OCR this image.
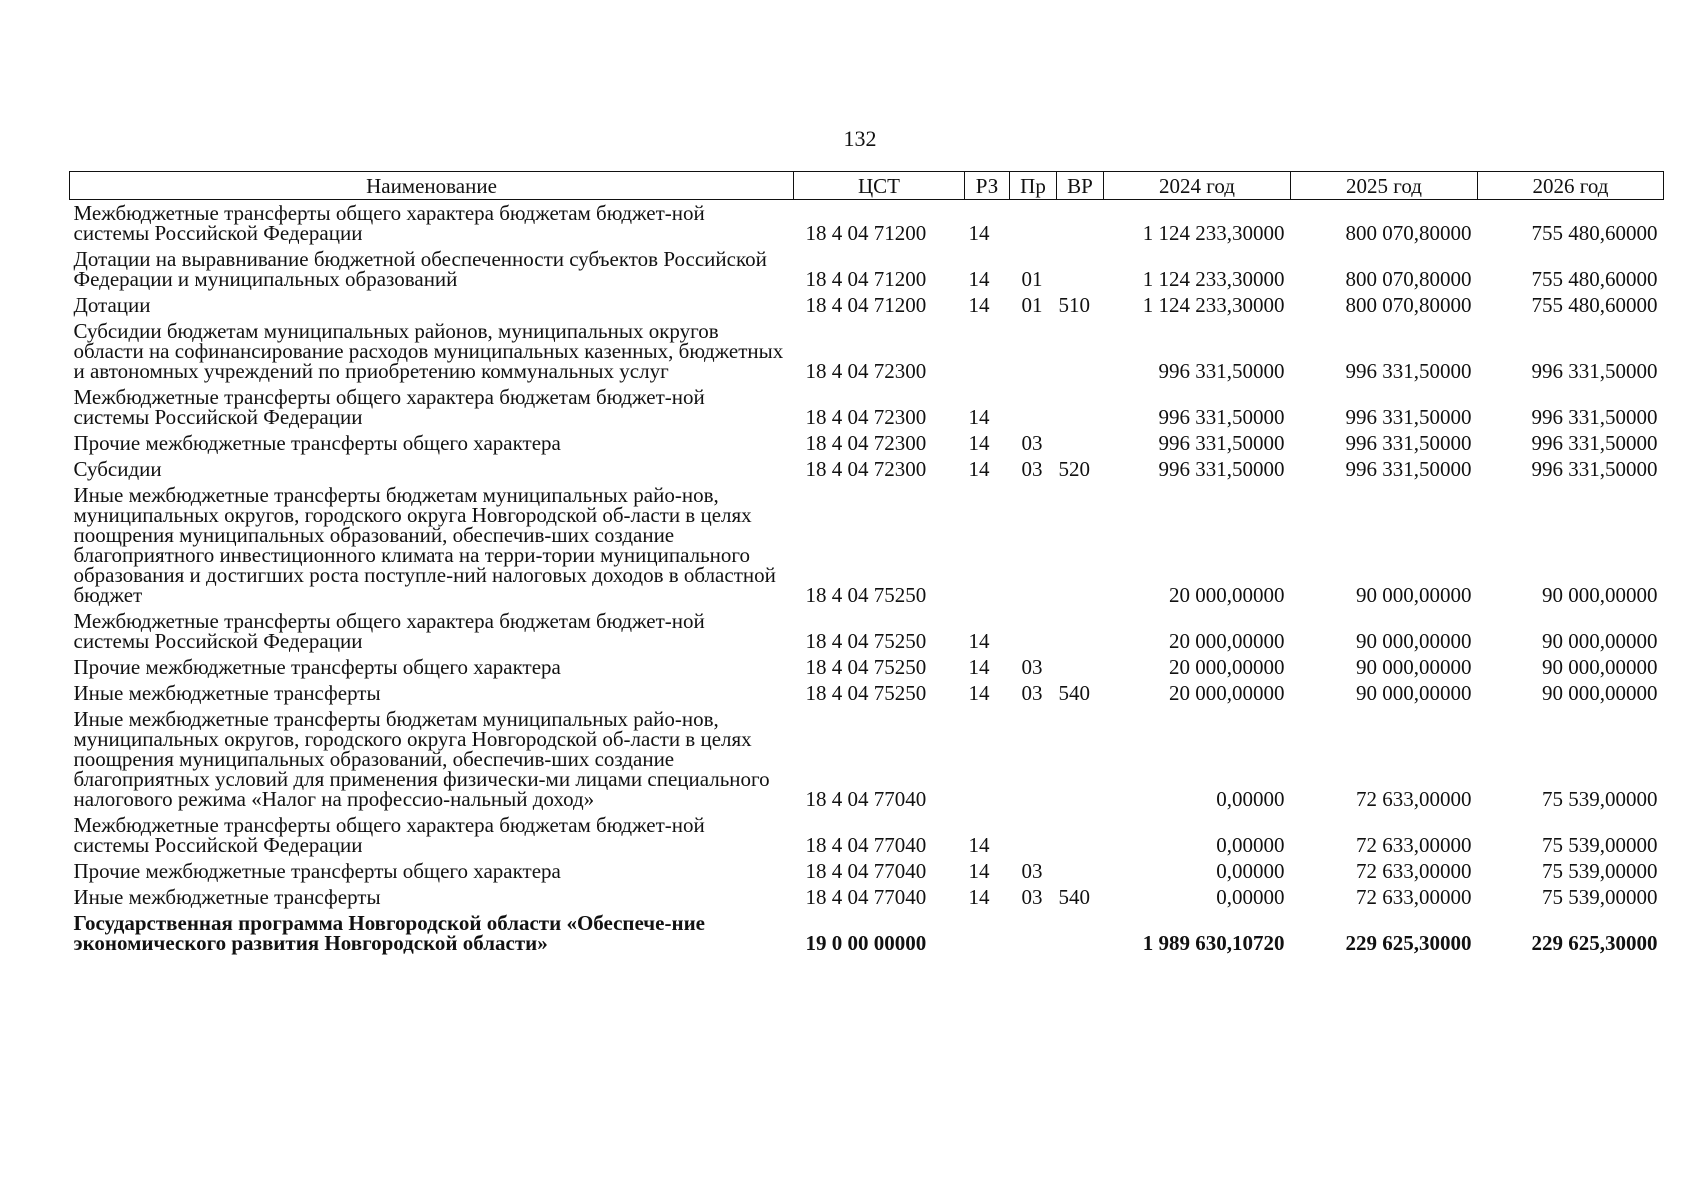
132
Наименование	ЦСТ	РЗ	Пр	ВР	2024 год	2025 год	2026 год
Межбюджетные трансферты общего характера бюджетам бюджет-ной системы Российской Федерации	18 4 04 71200	14			1 124 233,30000	800 070,80000	755 480,60000
Дотации на выравнивание бюджетной обеспеченности субъектов Российской Федерации и муниципальных образований	18 4 04 71200	14	01		1 124 233,30000	800 070,80000	755 480,60000
Дотации	18 4 04 71200	14	01	510	1 124 233,30000	800 070,80000	755 480,60000
Субсидии бюджетам муниципальных районов, муниципальных округов области на софинансирование расходов муниципальных казенных, бюджетных и автономных учреждений по приобретению коммунальных услуг	18 4 04 72300				996 331,50000	996 331,50000	996 331,50000
Межбюджетные трансферты общего характера бюджетам бюджет-ной системы Российской Федерации	18 4 04 72300	14			996 331,50000	996 331,50000	996 331,50000
Прочие межбюджетные трансферты общего характера	18 4 04 72300	14	03		996 331,50000	996 331,50000	996 331,50000
Субсидии	18 4 04 72300	14	03	520	996 331,50000	996 331,50000	996 331,50000
Иные межбюджетные трансферты бюджетам муниципальных райо-нов, муниципальных округов, городского округа Новгородской об-ласти в целях поощрения муниципальных образований, обеспечив-ших создание благоприятного инвестиционного климата на терри-тории муниципального образования и достигших роста поступле-ний налоговых доходов в областной бюджет	18 4 04 75250				20 000,00000	90 000,00000	90 000,00000
Межбюджетные трансферты общего характера бюджетам бюджет-ной системы Российской Федерации	18 4 04 75250	14			20 000,00000	90 000,00000	90 000,00000
Прочие межбюджетные трансферты общего характера	18 4 04 75250	14	03		20 000,00000	90 000,00000	90 000,00000
Иные межбюджетные трансферты	18 4 04 75250	14	03	540	20 000,00000	90 000,00000	90 000,00000
Иные межбюджетные трансферты бюджетам муниципальных райо-нов, муниципальных округов, городского округа Новгородской об-ласти в целях поощрения муниципальных образований, обеспечив-ших создание благоприятных условий для применения физически-ми лицами специального налогового режима «Налог на профессио-нальный доход»	18 4 04 77040				0,00000	72 633,00000	75 539,00000
Межбюджетные трансферты общего характера бюджетам бюджет-ной системы Российской Федерации	18 4 04 77040	14			0,00000	72 633,00000	75 539,00000
Прочие межбюджетные трансферты общего характера	18 4 04 77040	14	03		0,00000	72 633,00000	75 539,00000
Иные межбюджетные трансферты	18 4 04 77040	14	03	540	0,00000	72 633,00000	75 539,00000
Государственная программа Новгородской области «Обеспече-ние экономического развития Новгородской области»	19 0 00 00000				1 989 630,10720	229 625,30000	229 625,30000
